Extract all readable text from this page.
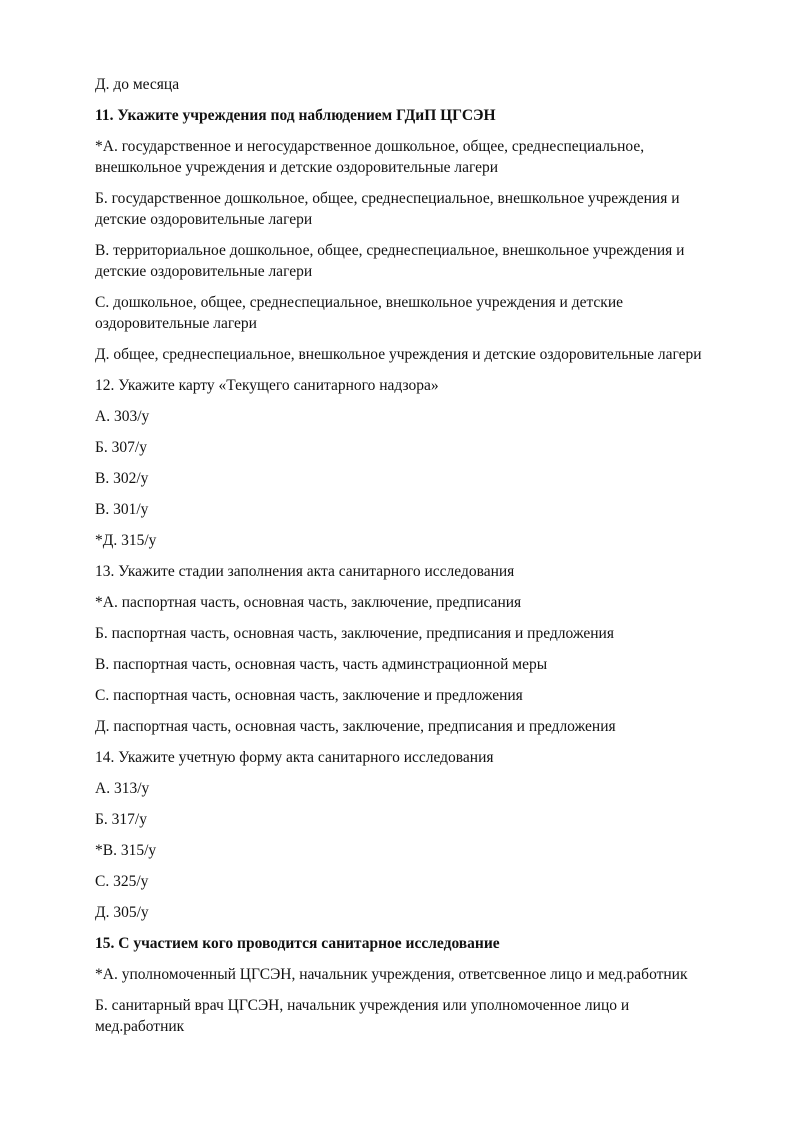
Д. до месяца

11. Укажите учреждения под наблюдением ГДиП ЦГСЭН

*А. государственное и негосударственное дошкольное, общее, среднеспециальное,
внешкольное учреждения и детские оздоровительные лагери

Б. государственное дошкольное, общее, среднеспециальное, внешкольное учреждения и
детские оздоровительные лагери

В. территориальное дошкольное, общее, среднеспециальное, внешкольное учреждения и
детские оздоровительные лагери

С. дошкольное, общее, среднеспециальное, внешкольное учреждения и детские
оздоровительные лагери

Д. общее, среднеспециальное, внешкольное учреждения и детские оздоровительные лагери

12. Укажите карту «Текущего санитарного надзора»

А. 303/у

Б. 307/у

В. 302/у

В. 301/у

*Д. 315/у

13. Укажите стадии заполнения акта санитарного исследования

*А. паспортная часть, основная часть, заключение, предписания

Б. паспортная часть, основная часть, заключение, предписания и предложения

В. паспортная часть, основная часть, часть админстрационной меры

С. паспортная часть, основная часть, заключение и предложения

Д. паспортная часть, основная часть, заключение, предписания и предложения

14. Укажите учетную форму акта санитарного исследования

А. 313/у

Б. 317/у

*В. 315/у

С. 325/у

Д. 305/у

15. С участием кого проводится санитарное исследование

*А. уполномоченный ЦГСЭН, начальник учреждения, ответсвенное лицо и мед.работник

Б. санитарный врач ЦГСЭН, начальник учреждения или уполномоченное лицо и
мед.работник
